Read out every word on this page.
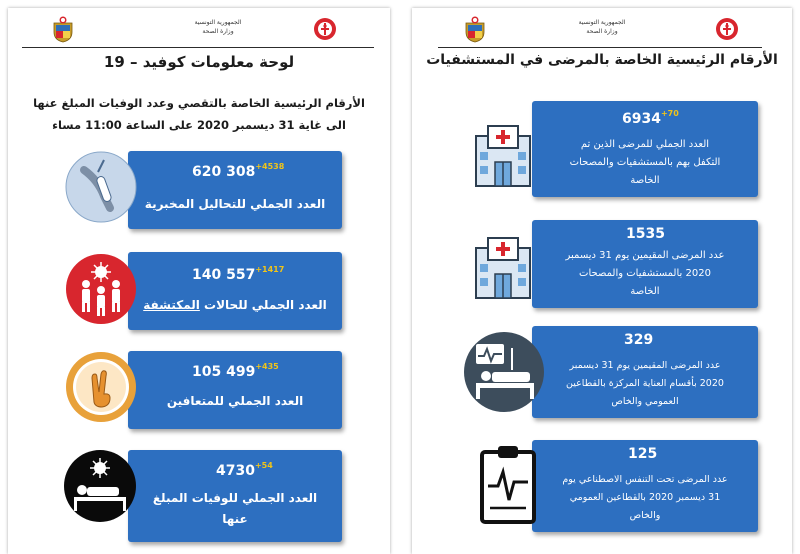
الجمهورية التونسية
وزارة الصحة
لوحة معلومات كوفيد – 19
الأرقام الرئيسية الخاصة بالتقصي وعدد الوفيات المبلغ عنها
الى غاية 31 ديسمبر 2020 على الساعة 11:00 مساء
620 $308^{+4538}$
العدد الجملي للتحاليل المخبرية
140 $557^{+1417}$
العدد الجملي للحالات المكتشفة
105 $499^{+435}$
العدد الجملي للمتعافين
$4730^{+54}$
العدد الجملي للوفيات المبلغ
عنها
الجمهورية التونسية
وزارة الصحة
الأرقام الرئيسية الخاصة بالمرضى في المستشفيات
$6934^{+70}$
العدد الجملي للمرضى الذين تم
التكفل بهم بالمستشفيات والمصحات
الخاصة
1535
عدد المرضى المقيمين يوم 31 ديسمبر
2020 بالمستشفيات والمصحات
الخاصة
329
عدد المرضى المقيمين يوم 31 ديسمبر
2020 بأقسام العناية المركزة بالقطاعين
العمومي والخاص
125
عدد المرضى تحت التنفس الاصطناعي يوم
31 ديسمبر 2020 بالقطاعين العمومي
والخاص
